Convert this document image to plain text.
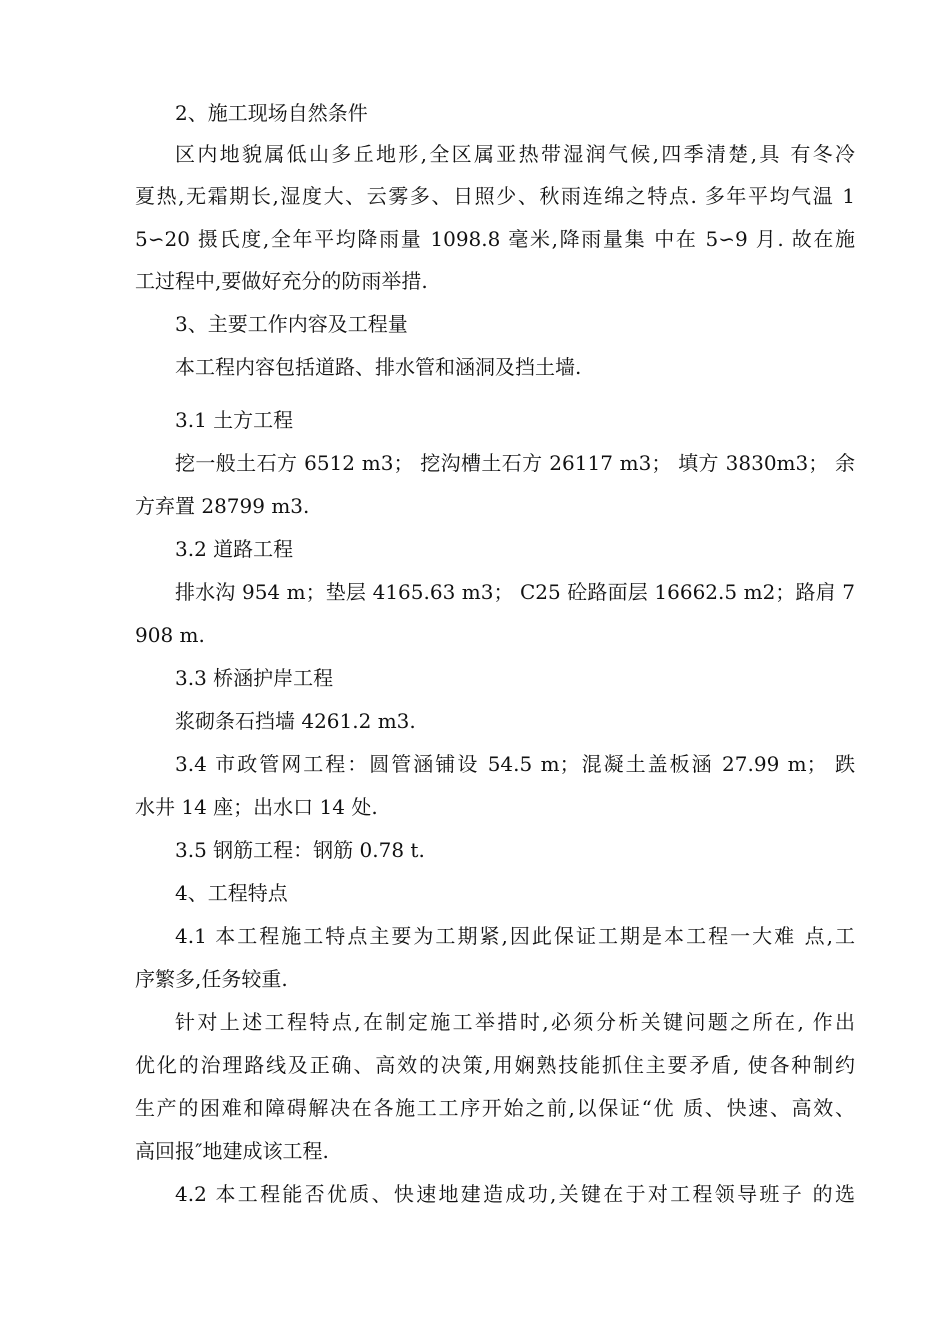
2、施工现场自然条件
区内地貌属低山多丘地形,全区属亚热带湿润气候,四季清楚,具 有冬冷
夏热,无霜期长,湿度大、云雾多、日照少、秋雨连绵之特点. 多年平均气温 1
5∽20 摄氏度,全年平均降雨量 1098.8 毫米,降雨量集 中在 5∽9 月. 故在施
工过程中,要做好充分的防雨举措.
3、主要工作内容及工程量
本工程内容包括道路、排水管和涵洞及挡土墙.
3.1 土方工程
挖一般土石方 6512 m3； 挖沟槽土石方 26117 m3； 填方 3830m3； 余
方弃置 28799 m3.
3.2 道路工程
排水沟 954 m；垫层 4165.63 m3； C25 砼路面层 16662.5 m2；路肩 7
908 m.
3.3 桥涵护岸工程
浆砌条石挡墙 4261.2 m3.
3.4 市政管网工程：圆管涵铺设 54.5 m；混凝土盖板涵 27.99 m； 跌
水井 14 座；出水口 14 处.
3.5 钢筋工程：钢筋 0.78 t.
4、工程特点
4.1 本工程施工特点主要为工期紧,因此保证工期是本工程一大难 点,工
序繁多,任务较重.
针对上述工程特点,在制定施工举措时,必须分析关键问题之所在, 作出
优化的治理路线及正确、高效的决策,用娴熟技能抓住主要矛盾, 使各种制约
生产的困难和障碍解决在各施工工序开始之前,以保证“优 质、快速、高效、
高回报″地建成该工程.
4.2 本工程能否优质、快速地建造成功,关键在于对工程领导班子 的选
